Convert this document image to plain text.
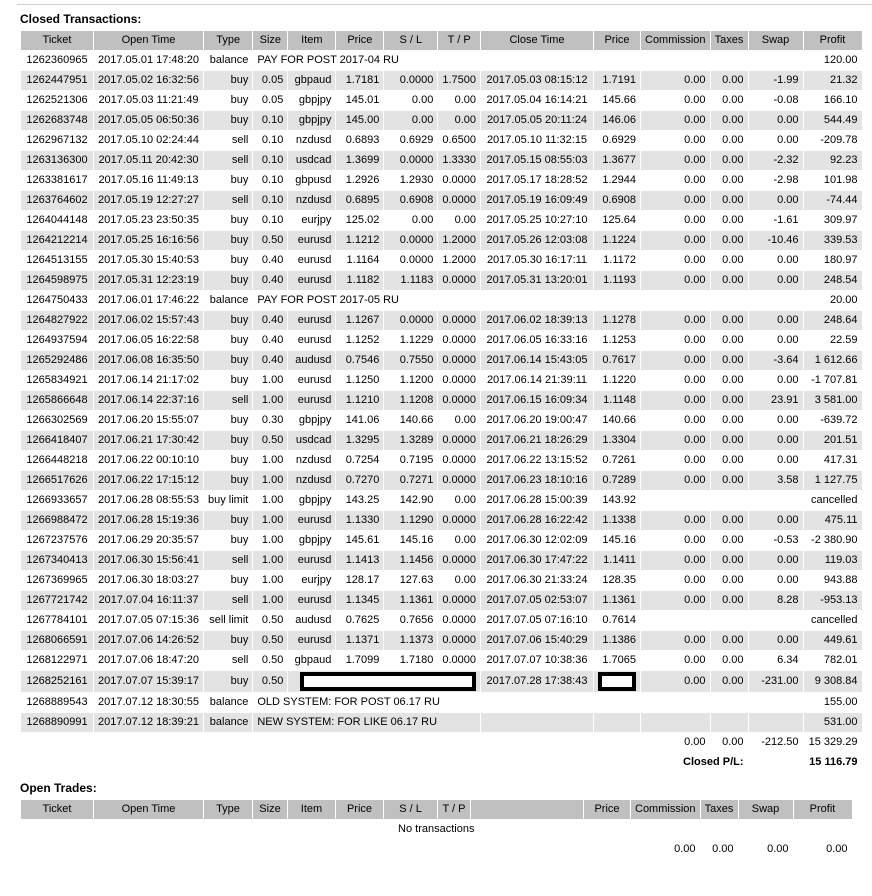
Closed Transactions:
Ticket	Open Time	Type	Size	Item	Price	S / L	T / P	Close Time	Price	Commission	Taxes	Swap	Profit
1262360965	2017.05.01 17:48:20	balance	PAY FOR POST 2017-04 RU										120.00
1262447951	2017.05.02 16:32:56	buy	0.05	gbpaud	1.7181	0.0000	1.7500	2017.05.03 08:15:12	1.7191	0.00	0.00	-1.99	21.32
1262521306	2017.05.03 11:21:49	buy	0.05	gbpjpy	145.01	0.00	0.00	2017.05.04 16:14:21	145.66	0.00	0.00	-0.08	166.10
1262683748	2017.05.05 06:50:36	buy	0.10	gbpjpy	145.00	0.00	0.00	2017.05.05 20:11:24	146.06	0.00	0.00	0.00	544.49
1262967132	2017.05.10 02:24:44	sell	0.10	nzdusd	0.6893	0.6929	0.6500	2017.05.10 11:32:15	0.6929	0.00	0.00	0.00	-209.78
1263136300	2017.05.11 20:42:30	sell	0.10	usdcad	1.3699	0.0000	1.3330	2017.05.15 08:55:03	1.3677	0.00	0.00	-2.32	92.23
1263381617	2017.05.16 11:49:13	buy	0.10	gbpusd	1.2926	1.2930	0.0000	2017.05.17 18:28:52	1.2944	0.00	0.00	-2.98	101.98
1263764602	2017.05.19 12:27:27	sell	0.10	nzdusd	0.6895	0.6908	0.0000	2017.05.19 16:09:49	0.6908	0.00	0.00	0.00	-74.44
1264044148	2017.05.23 23:50:35	buy	0.10	eurjpy	125.02	0.00	0.00	2017.05.25 10:27:10	125.64	0.00	0.00	-1.61	309.97
1264212214	2017.05.25 16:16:56	buy	0.50	eurusd	1.1212	0.0000	1.2000	2017.05.26 12:03:08	1.1224	0.00	0.00	-10.46	339.53
1264513155	2017.05.30 15:40:53	buy	0.40	eurusd	1.1164	0.0000	1.2000	2017.05.30 16:17:11	1.1172	0.00	0.00	0.00	180.97
1264598975	2017.05.31 12:23:19	buy	0.40	eurusd	1.1182	1.1183	0.0000	2017.05.31 13:20:01	1.1193	0.00	0.00	0.00	248.54
1264750433	2017.06.01 17:46:22	balance	PAY FOR POST 2017-05 RU										20.00
1264827922	2017.06.02 15:57:43	buy	0.40	eurusd	1.1267	0.0000	0.0000	2017.06.02 18:39:13	1.1278	0.00	0.00	0.00	248.64
1264937594	2017.06.05 16:22:58	buy	0.40	eurusd	1.1252	1.1229	0.0000	2017.06.05 16:33:16	1.1253	0.00	0.00	0.00	22.59
1265292486	2017.06.08 16:35:50	buy	0.40	audusd	0.7546	0.7550	0.0000	2017.06.14 15:43:05	0.7617	0.00	0.00	-3.64	1 612.66
1265834921	2017.06.14 21:17:02	buy	1.00	eurusd	1.1250	1.1200	0.0000	2017.06.14 21:39:11	1.1220	0.00	0.00	0.00	-1 707.81
1265866648	2017.06.14 22:37:16	sell	1.00	eurusd	1.1210	1.1208	0.0000	2017.06.15 16:09:34	1.1148	0.00	0.00	23.91	3 581.00
1266302569	2017.06.20 15:55:07	buy	0.30	gbpjpy	141.06	140.66	0.00	2017.06.20 19:00:47	140.66	0.00	0.00	0.00	-639.72
1266418407	2017.06.21 17:30:42	buy	0.50	usdcad	1.3295	1.3289	0.0000	2017.06.21 18:26:29	1.3304	0.00	0.00	0.00	201.51
1266448218	2017.06.22 00:10:10	buy	1.00	nzdusd	0.7254	0.7195	0.0000	2017.06.22 13:15:52	0.7261	0.00	0.00	0.00	417.31
1266517626	2017.06.22 17:15:12	buy	1.00	nzdusd	0.7270	0.7271	0.0000	2017.06.23 18:10:16	0.7289	0.00	0.00	3.58	1 127.75
1266933657	2017.06.28 08:55:53	buy limit	1.00	gbpjpy	143.25	142.90	0.00	2017.06.28 15:00:39	143.92				cancelled
1266988472	2017.06.28 15:19:36	buy	1.00	eurusd	1.1330	1.1290	0.0000	2017.06.28 16:22:42	1.1338	0.00	0.00	0.00	475.11
1267237576	2017.06.29 20:35:57	buy	1.00	gbpjpy	145.61	145.16	0.00	2017.06.30 12:02:09	145.16	0.00	0.00	-0.53	-2 380.90
1267340413	2017.06.30 15:56:41	sell	1.00	eurusd	1.1413	1.1456	0.0000	2017.06.30 17:47:22	1.1411	0.00	0.00	0.00	119.03
1267369965	2017.06.30 18:03:27	buy	1.00	eurjpy	128.17	127.63	0.00	2017.06.30 21:33:24	128.35	0.00	0.00	0.00	943.88
1267721742	2017.07.04 16:11:37	sell	1.00	eurusd	1.1345	1.1361	0.0000	2017.07.05 02:53:07	1.1361	0.00	0.00	8.28	-953.13
1267784101	2017.07.05 07:15:36	sell limit	0.50	audusd	0.7625	0.7656	0.0000	2017.07.05 07:16:10	0.7614				cancelled
1268066591	2017.07.06 14:26:52	buy	0.50	eurusd	1.1371	1.1373	0.0000	2017.07.06 15:40:29	1.1386	0.00	0.00	0.00	449.61
1268122971	2017.07.06 18:47:20	sell	0.50	gbpaud	1.7099	1.7180	0.0000	2017.07.07 10:38:36	1.7065	0.00	0.00	6.34	782.01
1268252161	2017.07.07 15:39:17	buy	0.50					2017.07.28 17:38:43		0.00	0.00	-231.00	9 308.84
1268889543	2017.07.12 18:30:55	balance	OLD SYSTEM: FOR POST 06.17 RU										155.00
1268890991	2017.07.12 18:39:21	balance	NEW SYSTEM: FOR LIKE 06.17 RU										531.00
										0.00	0.00	-212.50	15 329.29
Closed P/L:													15 116.79
Open Trades:
Ticket	Open Time	Type	Size	Item	Price	S / L	T / P		Price	Commission	Taxes	Swap	Profit
No transactions													
										0.00	0.00	0.00	0.00
